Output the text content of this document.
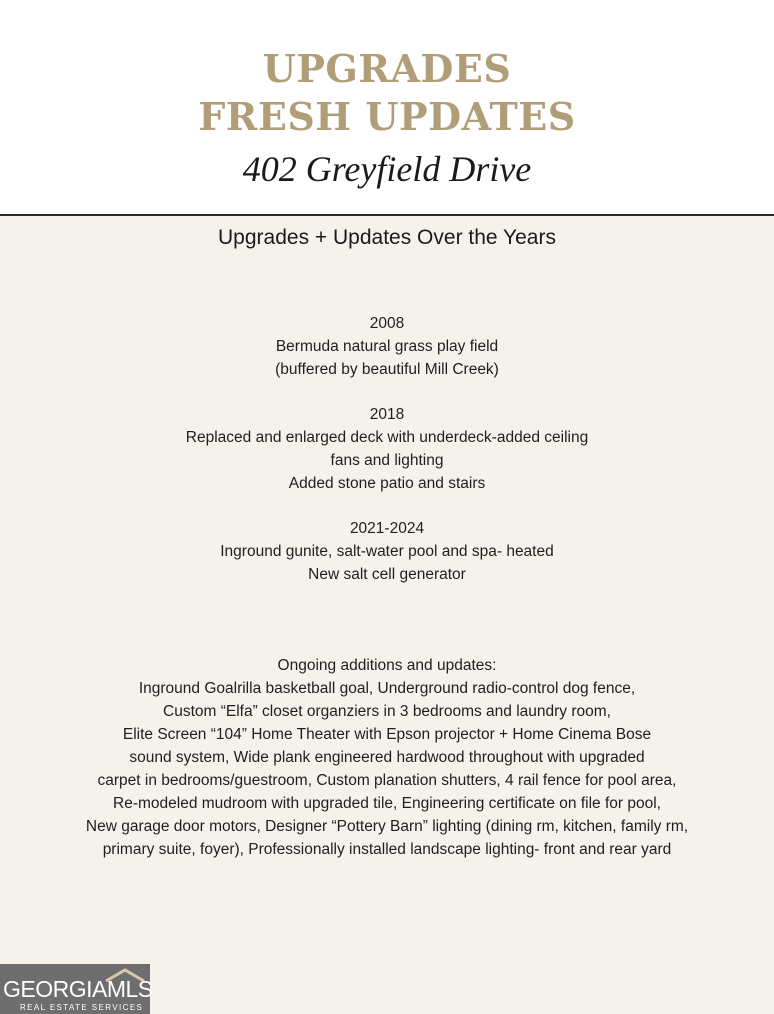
UPGRADES
FRESH UPDATES
402 Greyfield Drive
Upgrades + Updates Over the Years
2008
Bermuda natural grass play field
(buffered by beautiful Mill Creek)
2018
Replaced and enlarged deck with underdeck-added ceiling
fans and lighting
Added stone patio and stairs
2021-2024
Inground gunite, salt-water pool and spa- heated
New salt cell generator
Ongoing additions and updates:
Inground Goalrilla basketball goal, Underground radio-control dog fence,
Custom “Elfa” closet organziers in 3 bedrooms and laundry room,
Elite Screen “104” Home Theater with Epson projector + Home Cinema Bose
sound system, Wide plank engineered hardwood throughout with upgraded
carpet in bedrooms/guestroom, Custom planation shutters, 4 rail fence for pool area,
Re-modeled mudroom with upgraded tile, Engineering certificate on file for pool,
New garage door motors, Designer “Pottery Barn” lighting (dining rm, kitchen, family rm,
primary suite, foyer), Professionally installed landscape lighting- front and rear yard
GEORGIAMLS
REAL ESTATE SERVICES
